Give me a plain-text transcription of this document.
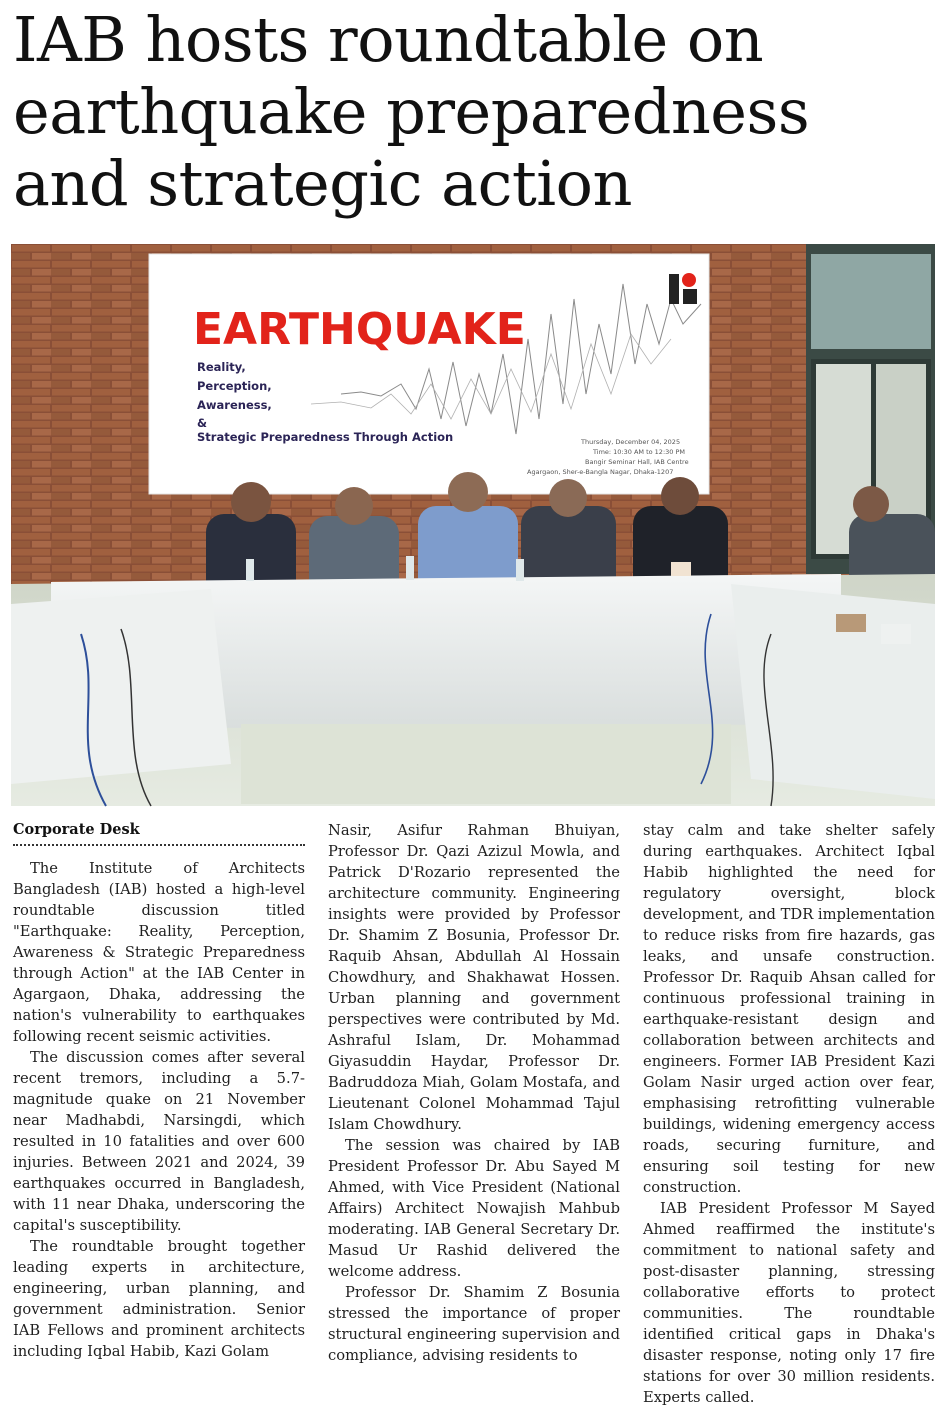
IAB hosts roundtable on
earthquake preparedness
and strategic action
EARTHQUAKE
Reality,
Perception,
Awareness,
&
Strategic Preparedness Through Action	Thursday, December 04, 2025
Time: 10:30 AM to 12:30 PM
Bangir Seminar Hall, IAB Centre
Agargaon, Sher-e-Bangla Nagar, Dhaka-1207
Corporate Desk

The Institute of Architects Bangladesh (IAB) hosted a high-level roundtable discussion titled "Earthquake: Reality, Perception, Awareness & Strategic Preparedness through Action" at the IAB Center in Agargaon, Dhaka, addressing the nation's vulnerability to earthquakes following recent seismic activities.

The discussion comes after several recent tremors, including a 5.7-magnitude quake on 21 November near Madhabdi, Narsingdi, which resulted in 10 fatalities and over 600 injuries. Between 2021 and 2024, 39 earthquakes occurred in Bangladesh, with 11 near Dhaka, underscoring the capital's susceptibility.

The roundtable brought together leading experts in architecture, engineering, urban planning, and government administration. Senior IAB Fellows and prominent architects including Iqbal Habib, Kazi Golam

Nasir, Asifur Rahman Bhuiyan, Professor Dr. Qazi Azizul Mowla, and Patrick D'Rozario represented the architecture community. Engineering insights were provided by Professor Dr. Shamim Z Bosunia, Professor Dr. Raquib Ahsan, Abdullah Al Hossain Chowdhury, and Shakhawat Hossen. Urban planning and government perspectives were contributed by Md. Ashraful Islam, Dr. Mohammad Giyasuddin Haydar, Professor Dr. Badruddoza Miah, Golam Mostafa, and Lieutenant Colonel Mohammad Tajul Islam Chowdhury.

The session was chaired by IAB President Professor Dr. Abu Sayed M Ahmed, with Vice President (National Affairs) Architect Nowajish Mahbub moderating. IAB General Secretary Dr. Masud Ur Rashid delivered the welcome address.

Professor Dr. Shamim Z Bosunia stressed the importance of proper structural engineering supervision and compliance, advising residents to

stay calm and take shelter safely during earthquakes. Architect Iqbal Habib highlighted the need for regulatory oversight, block development, and TDR implementation to reduce risks from fire hazards, gas leaks, and unsafe construction. Professor Dr. Raquib Ahsan called for continuous professional training in earthquake-resistant design and collaboration between architects and engineers. Former IAB President Kazi Golam Nasir urged action over fear, emphasising retrofitting vulnerable buildings, widening emergency access roads, securing furniture, and ensuring soil testing for new construction.

IAB President Professor M Sayed Ahmed reaffirmed the institute's commitment to national safety and post-disaster planning, stressing collaborative efforts to protect communities. The roundtable identified critical gaps in Dhaka's disaster response, noting only 17 fire stations for over 30 million residents. Experts called.
